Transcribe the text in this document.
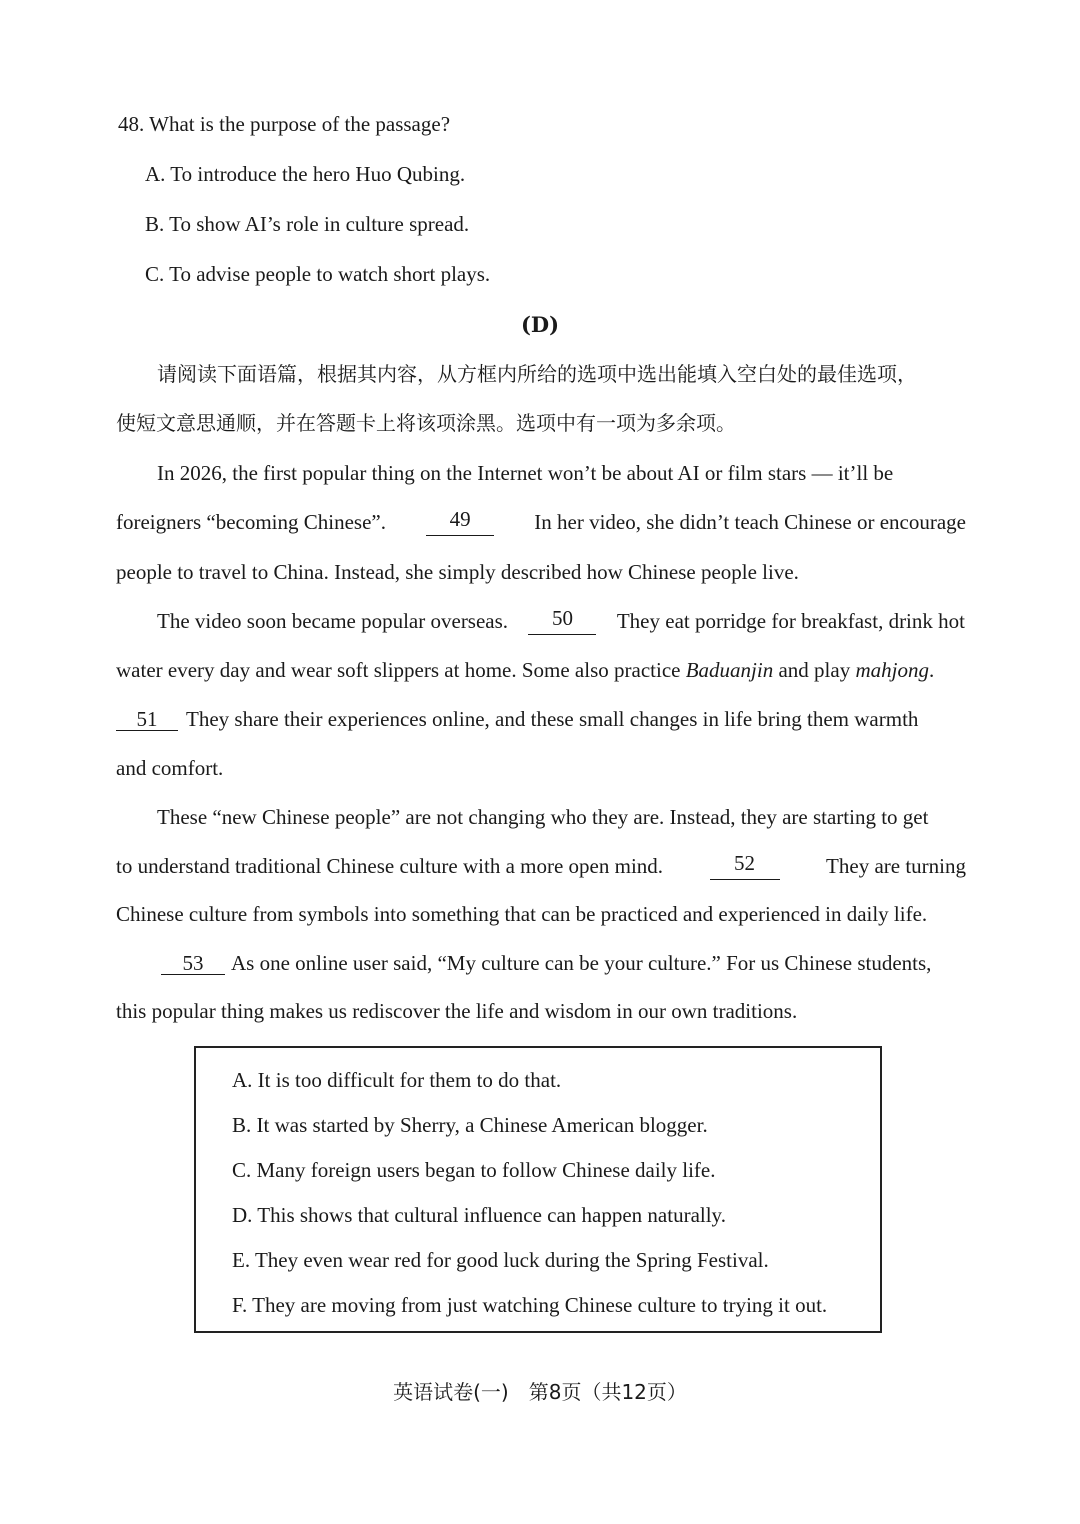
48. What is the purpose of the passage?
A. To introduce the hero Huo Qubing.
B. To show AI’s role in culture spread.
C. To advise people to watch short plays.
(D)
请阅读下面语篇，根据其内容，从方框内所给的选项中选出能填入空白处的最佳选项，
使短文意思通顺，并在答题卡上将该项涂黑。选项中有一项为多余项。
In 2026, the first popular thing on the Internet won’t be about AI or film stars — it’ll be
foreigners “becoming Chinese”.	49	In her video, she didn’t teach Chinese or encourage
people to travel to China. Instead, she simply described how Chinese people live.
The video soon became popular overseas.	50	They eat porridge for breakfast, drink hot
water every day and wear soft slippers at home. Some also practice Baduanjin and play mahjong.
51 They share their experiences online, and these small changes in life bring them warmth
and comfort.
These “new Chinese people” are not changing who they are. Instead, they are starting to get
to understand traditional Chinese culture with a more open mind.	52	They are turning
Chinese culture from symbols into something that can be practiced and experienced in daily life.
53 As one online user said, “My culture can be your culture.” For us Chinese students,
this popular thing makes us rediscover the life and wisdom in our own traditions.
A. It is too difficult for them to do that.
B. It was started by Sherry, a Chinese American blogger.
C. Many foreign users began to follow Chinese daily life.
D. This shows that cultural influence can happen naturally.
E. They even wear red for good luck during the Spring Festival.
F. They are moving from just watching Chinese culture to trying it out.
英语试卷(一)　第8页（共12页）
